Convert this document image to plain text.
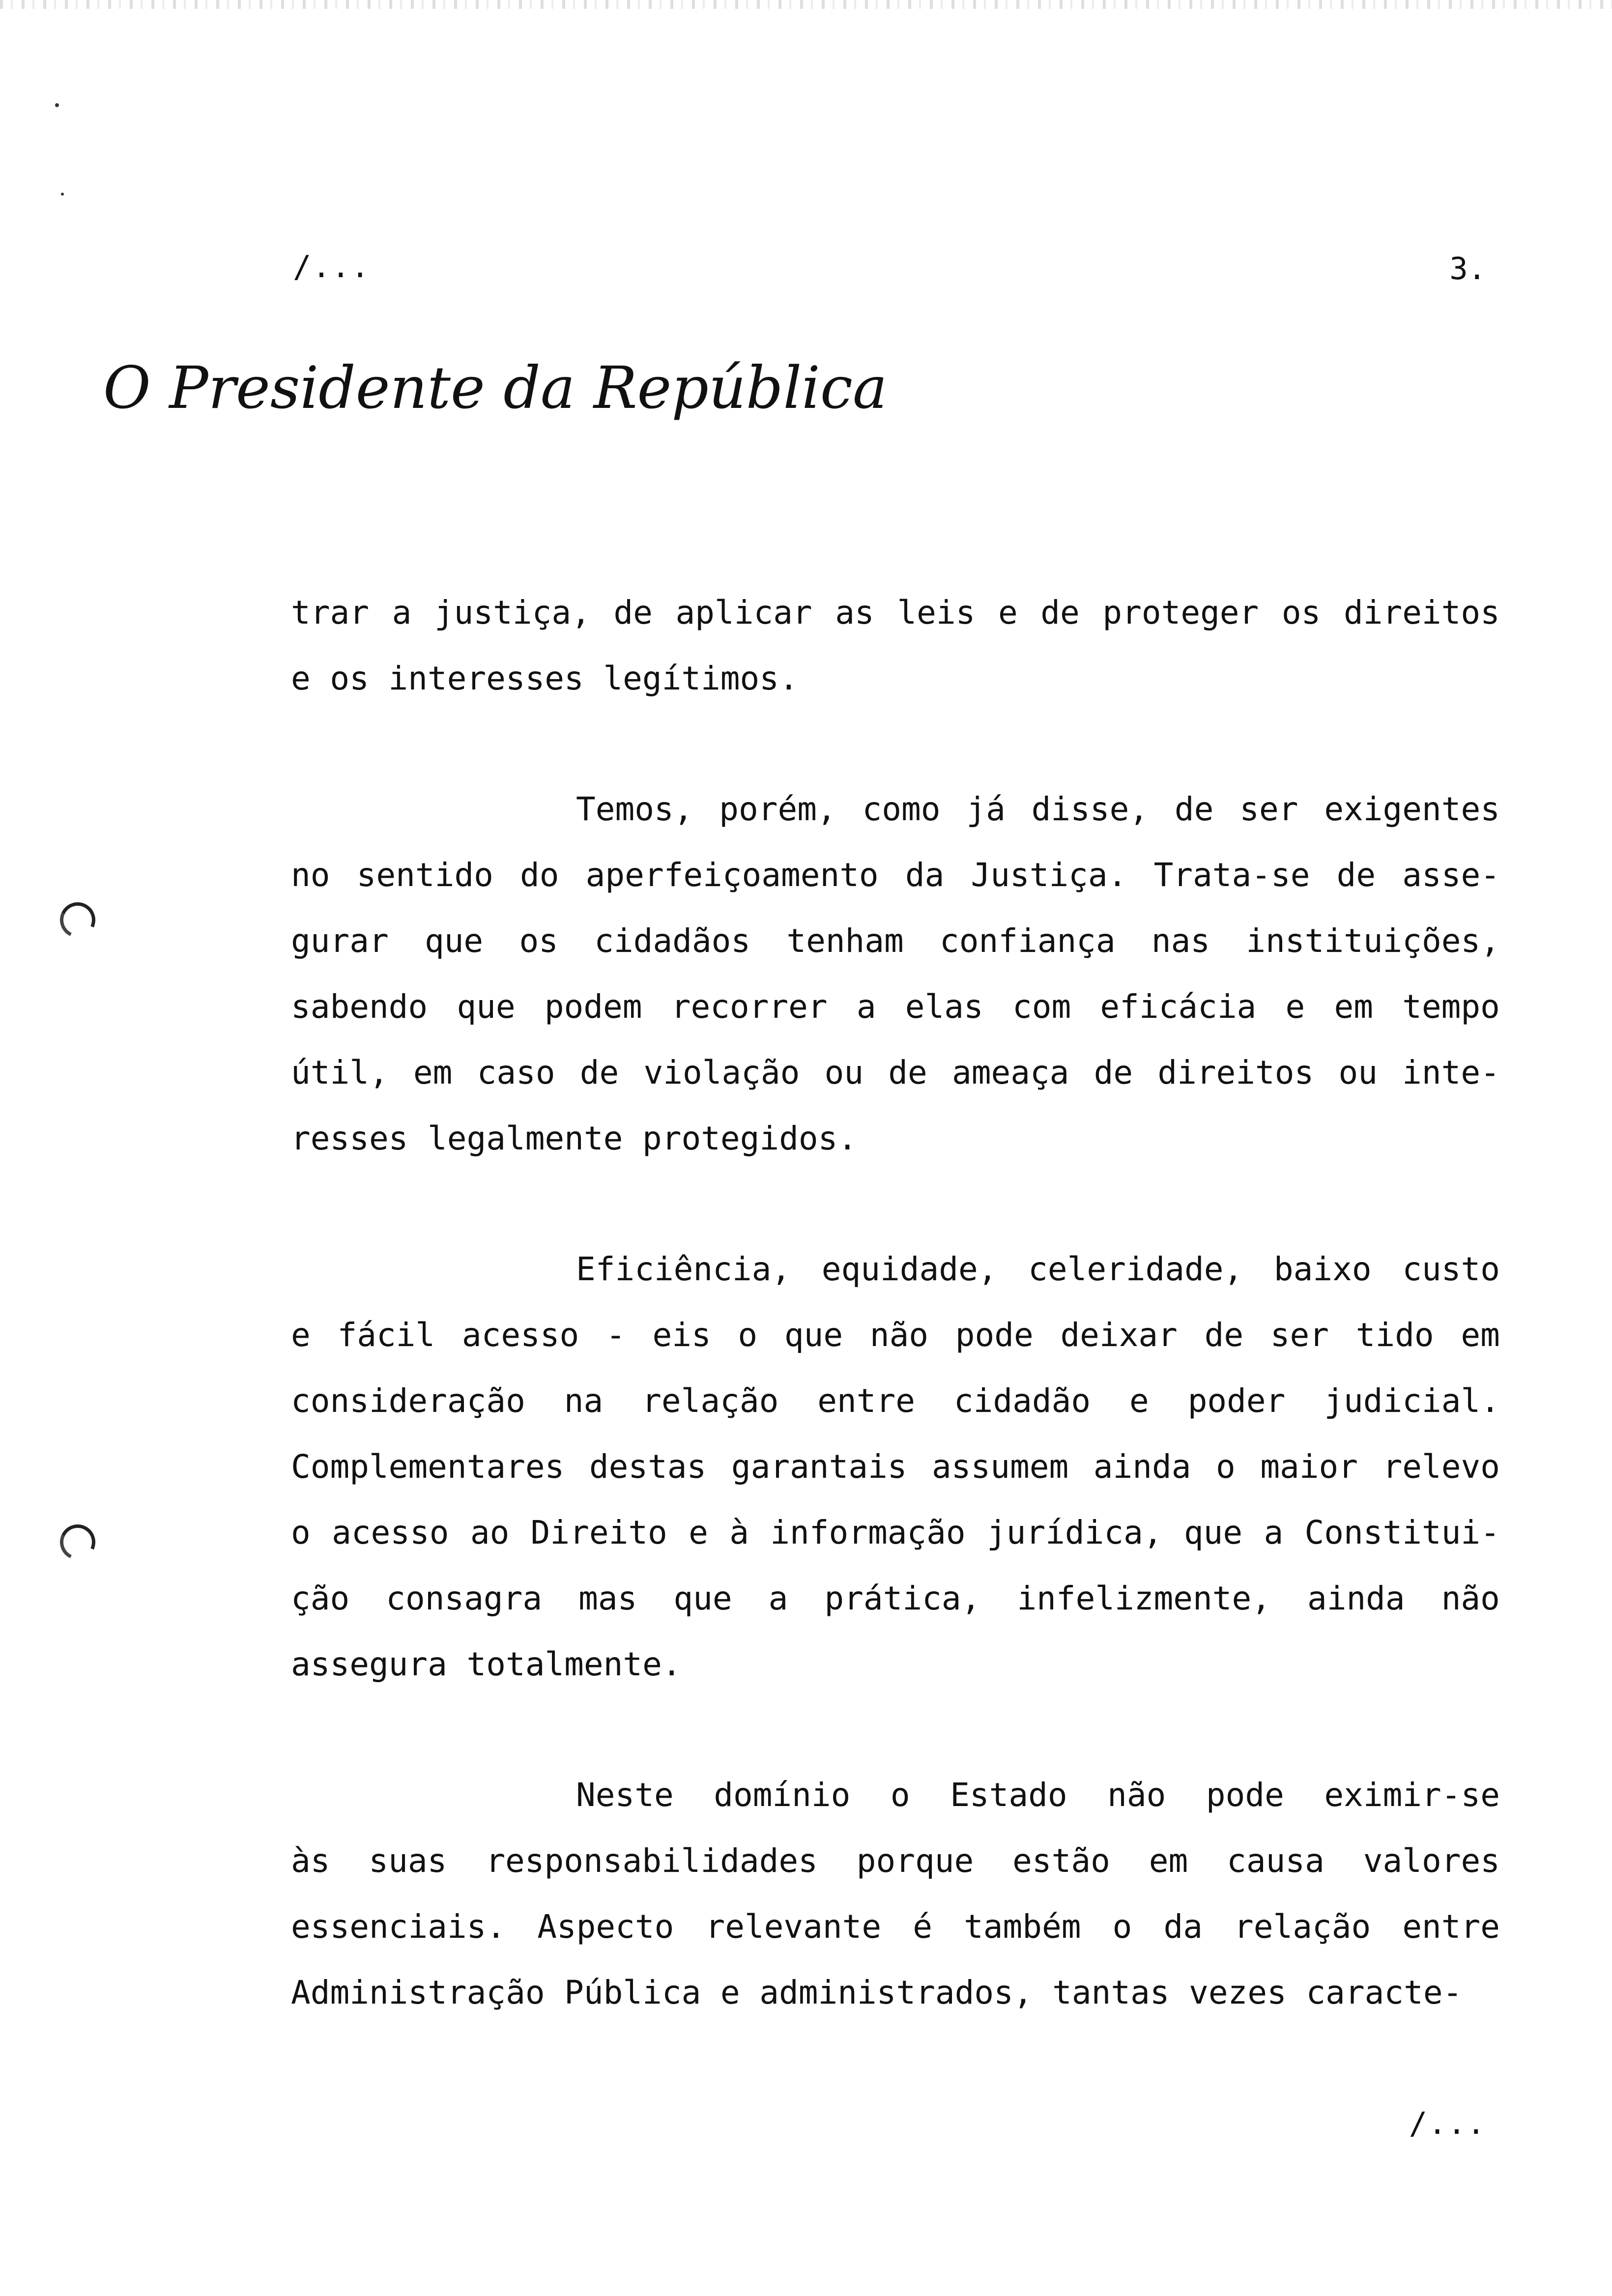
/...	3.
O Presidente da República
trar a justiça, de aplicar as leis e de proteger os direitos
e os interesses legítimos.
Temos, porém, como já disse, de ser exigentes
no sentido do aperfeiçoamento da Justiça. Trata-se de asse-
gurar que os cidadãos tenham confiança nas instituições,
sabendo que podem recorrer a elas com eficácia e em tempo
útil, em caso de violação ou de ameaça de direitos ou inte-
resses legalmente protegidos.
Eficiência, equidade, celeridade, baixo custo
e fácil acesso - eis o que não pode deixar de ser tido em
consideração na relação entre cidadão e poder judicial.
Complementares destas garantais assumem ainda o maior relevo
o acesso ao Direito e à informação jurídica, que a Constitui-
ção consagra mas que a prática, infelizmente, ainda não
assegura totalmente.
Neste domínio o Estado não pode eximir-se
às suas responsabilidades porque estão em causa valores
essenciais. Aspecto relevante é também o da relação entre
Administração Pública e administrados, tantas vezes caracte-
/...
